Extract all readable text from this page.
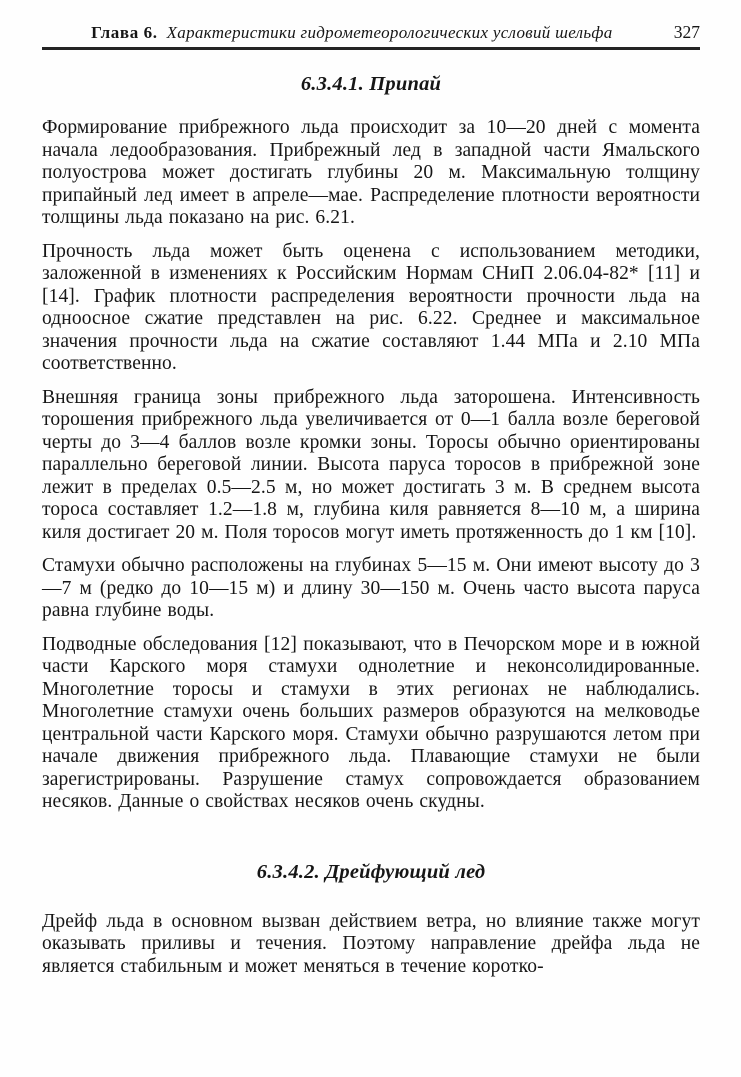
Глава 6. Характеристики гидрометеорологических условий шельфа	327
6.3.4.1. Припай

Формирование прибрежного льда происходит за 10—20 дней с момента начала ледообразования. Прибрежный лед в западной части Ямальского полуострова может достигать глубины 20 м. Максимальную толщину припайный лед имеет в апреле—мае. Распределение плотности вероятности толщины льда показано на рис. 6.21.

Прочность льда может быть оценена с использованием методики, заложенной в изменениях к Российским Нормам СНиП 2.06.04-82* [11] и [14]. График плотности распределения вероятности прочности льда на одноосное сжатие представлен на рис. 6.22. Среднее и максимальное значения прочности льда на сжатие составляют 1.44 МПа и 2.10 МПа соответственно.

Внешняя граница зоны прибрежного льда заторошена. Интенсивность торошения прибрежного льда увеличивается от 0—1 балла возле береговой черты до 3—4 баллов возле кромки зоны. Торосы обычно ориентированы параллельно береговой линии. Высота паруса торосов в прибрежной зоне лежит в пределах 0.5—2.5 м, но может достигать 3 м. В среднем высота тороса составляет 1.2—1.8 м, глубина киля равняется 8—10 м, а ширина киля достигает 20 м. Поля торосов могут иметь протяженность до 1 км [10].

Стамухи обычно расположены на глубинах 5—15 м. Они имеют высоту до 3—7 м (редко до 10—15 м) и длину 30—150 м. Очень часто высота паруса равна глубине воды.

Подводные обследования [12] показывают, что в Печорском море и в южной части Карского моря стамухи однолетние и неконсолидированные. Многолетние торосы и стамухи в этих регионах не наблюдались. Многолетние стамухи очень больших размеров образуются на мелководье центральной части Карского моря. Стамухи обычно разрушаются летом при начале движения прибрежного льда. Плавающие стамухи не были зарегистрированы. Разрушение стамух сопровождается образованием несяков. Данные о свойствах несяков очень скудны.

6.3.4.2. Дрейфующий лед

Дрейф льда в основном вызван действием ветра, но влияние также могут оказывать приливы и течения. Поэтому направление дрейфа льда не является стабильным и может меняться в течение коротко-
